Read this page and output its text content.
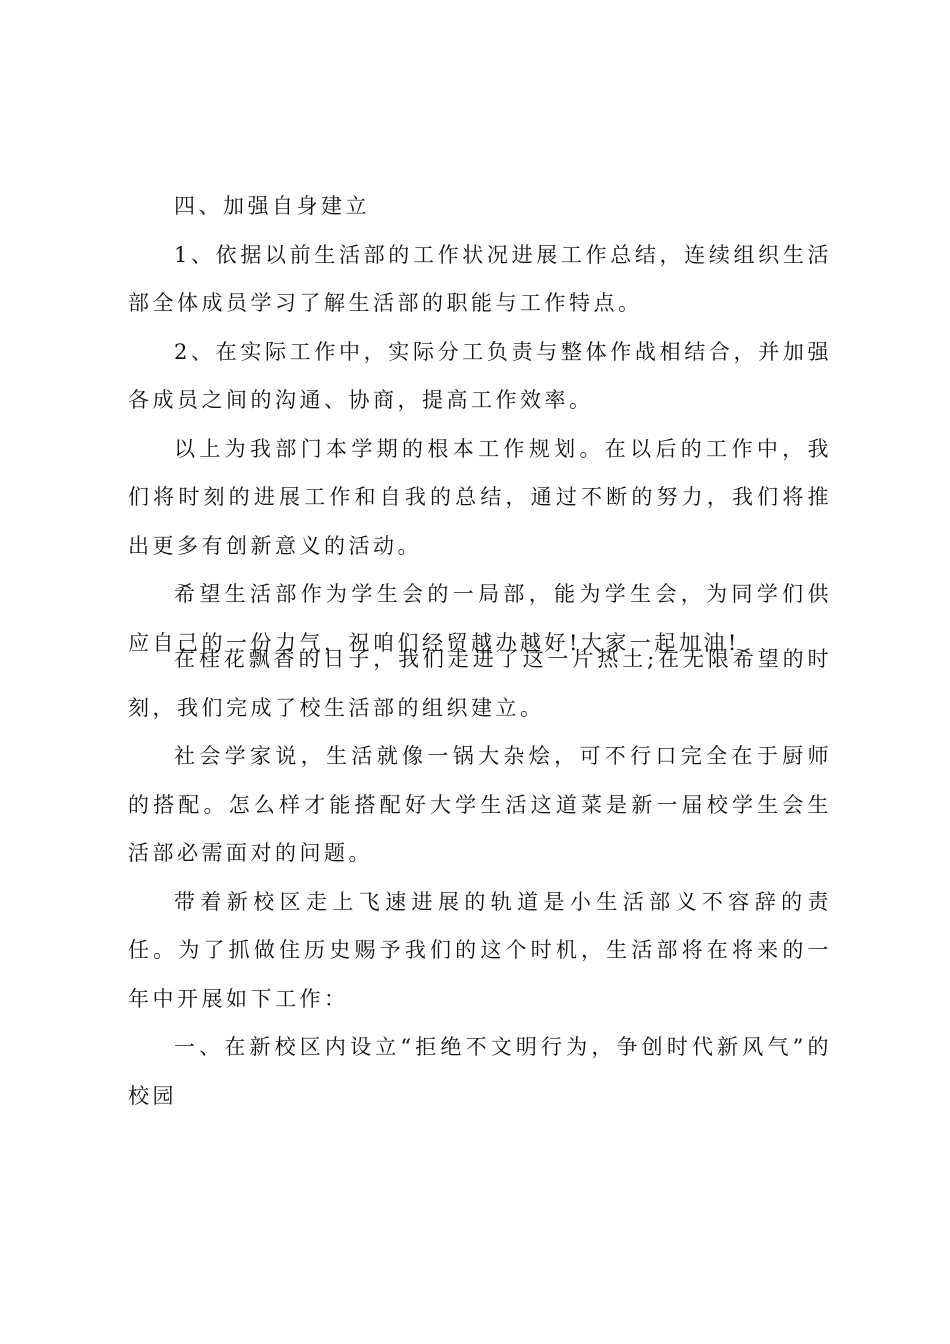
四、加强自身建立

1、依据以前生活部的工作状况进展工作总结，连续组织生活部全体成员学习了解生活部的职能与工作特点。

2、在实际工作中，实际分工负责与整体作战相结合，并加强各成员之间的沟通、协商，提高工作效率。

以上为我部门本学期的根本工作规划。在以后的工作中，我们将时刻的进展工作和自我的总结，通过不断的努力，我们将推出更多有创新意义的活动。

希望生活部作为学生会的一局部，能为学生会，为同学们供应自己的一份力气，祝咱们经贸越办越好!大家一起加油!

在桂花飘香的日子，我们走进了这一片热土;在无限希望的时刻，我们完成了校生活部的组织建立。

社会学家说，生活就像一锅大杂烩，可不行口完全在于厨师的搭配。怎么样才能搭配好大学生活这道菜是新一届校学生会生活部必需面对的问题。

带着新校区走上飞速进展的轨道是小生活部义不容辞的责任。为了抓做住历史赐予我们的这个时机，生活部将在将来的一年中开展如下工作：

一、在新校区内设立“拒绝不文明行为，争创时代新风气”的校园
